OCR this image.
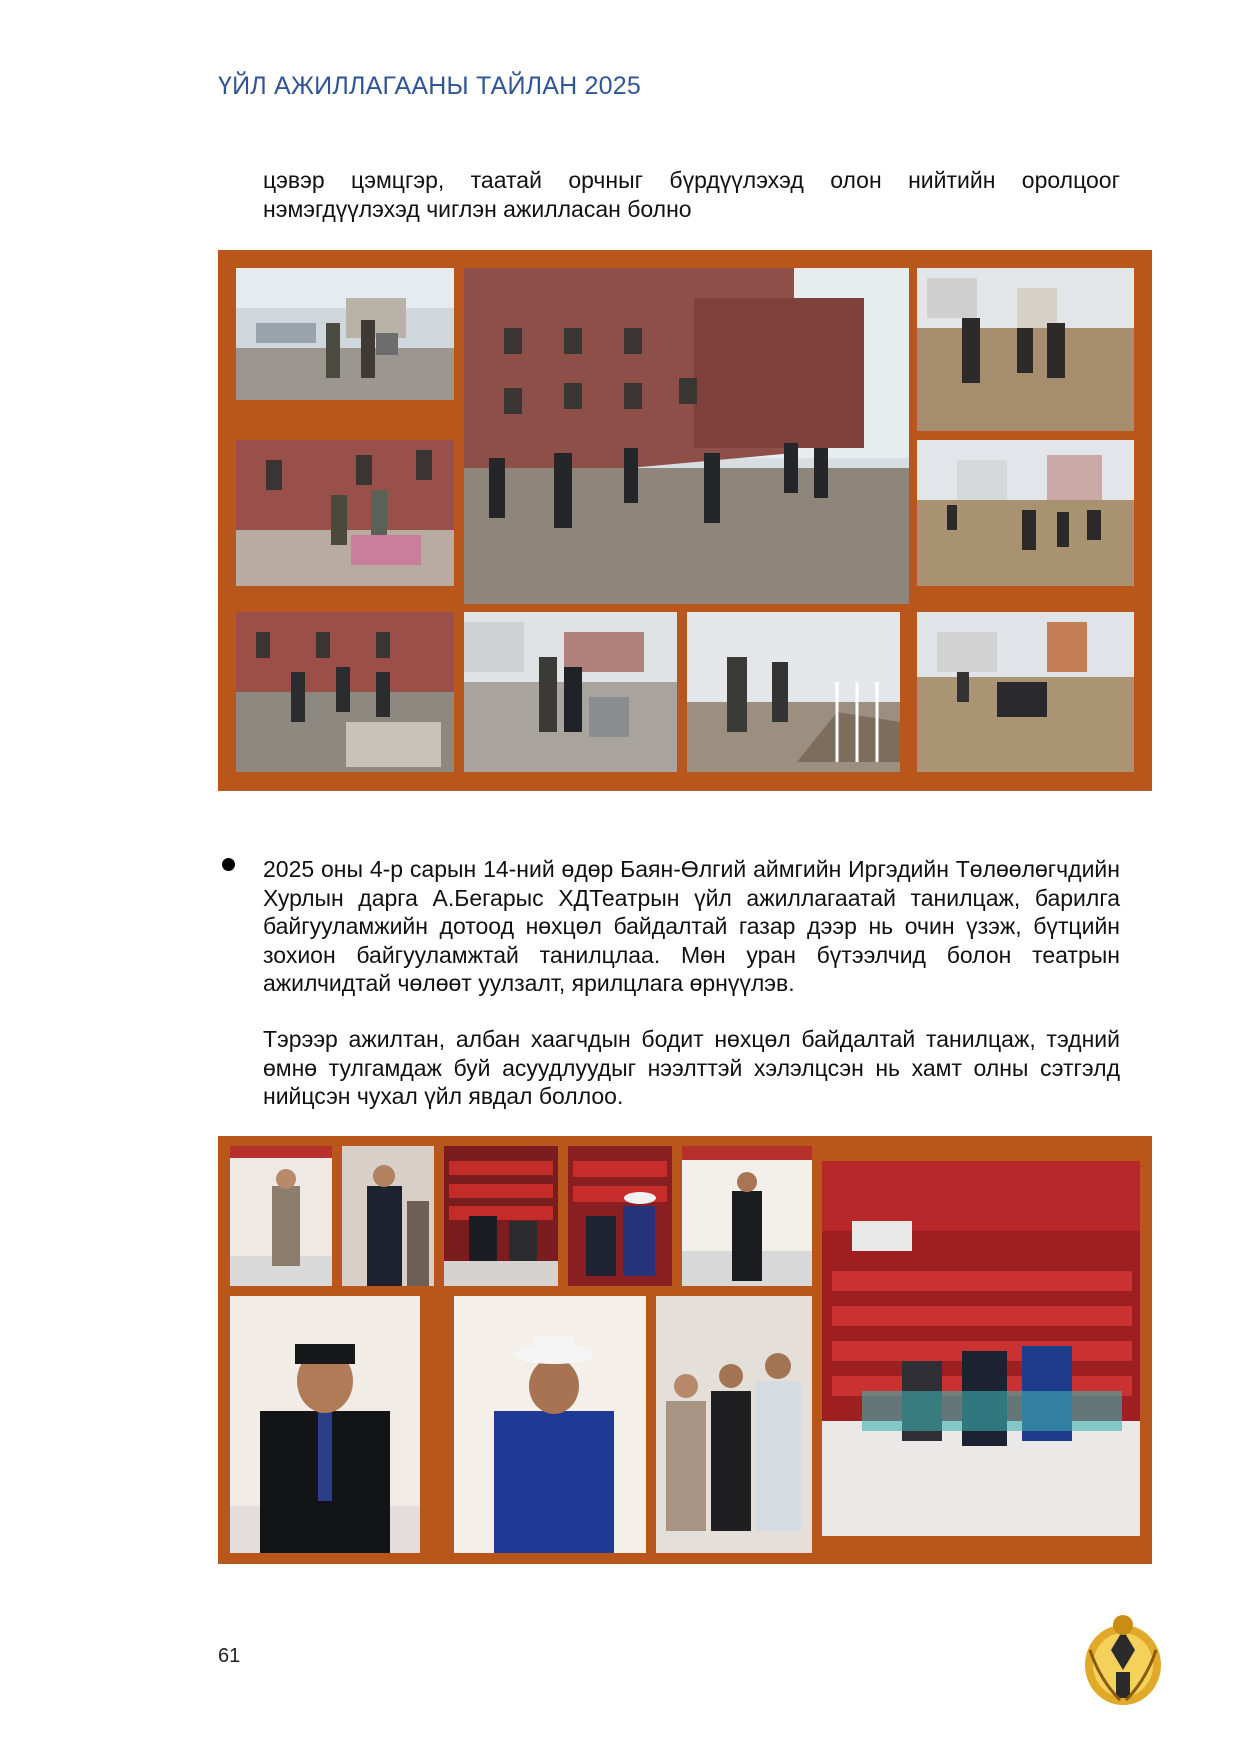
ҮЙЛ АЖИЛЛАГААНЫ ТАЙЛАН 2025
цэвэр цэмцгэр, таатай орчныг бүрдүүлэхэд олон нийтийн оролцоог нэмэгдүүлэхэд чиглэн ажилласан болно
2025 оны 4-р сарын 14-ний өдөр Баян-Өлгий аймгийн Иргэдийн Төлөөлөгчдийн Хурлын дарга А.Бегарыс ХДТеатрын үйл ажиллагаатай танилцаж, барилга байгууламжийн дотоод нөхцөл байдалтай газар дээр нь очин үзэж, бүтцийн зохион байгууламжтай танилцлаа. Мөн уран бүтээлчид болон театрын ажилчидтай чөлөөт уулзалт, ярилцлага өрнүүлэв.
Тэрээр ажилтан, албан хаагчдын бодит нөхцөл байдалтай танилцаж, тэдний өмнө тулгамдаж буй асуудлуудыг нээлттэй хэлэлцсэн нь хамт олны сэтгэлд нийцсэн чухал үйл явдал боллоо.
61
